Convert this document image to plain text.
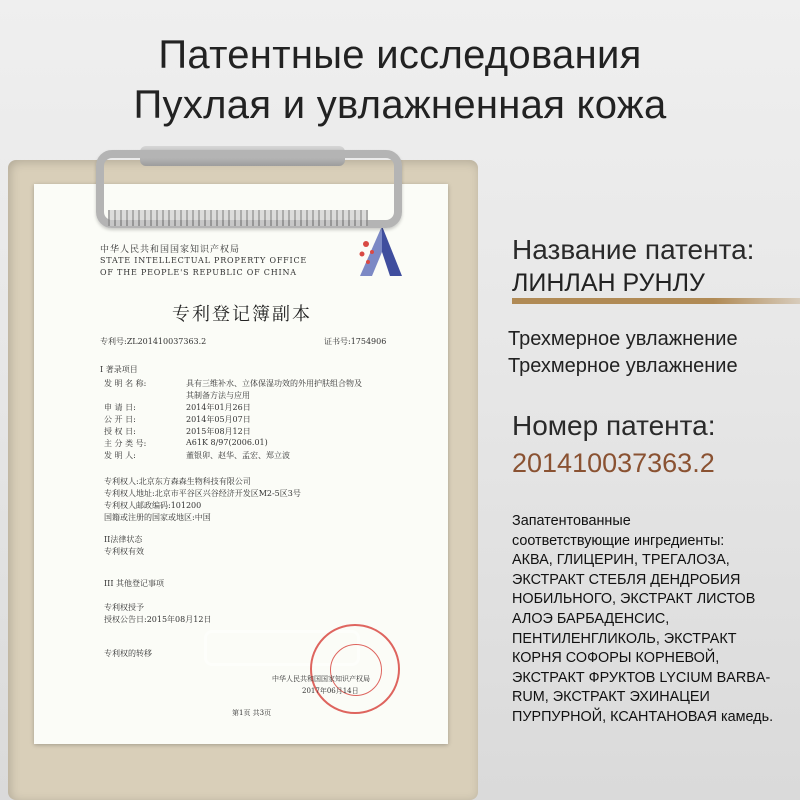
Патентные исследования
Пухлая и увлажненная кожа
中华人民共和国国家知识产权局
STATE INTELLECTUAL PROPERTY OFFICE
OF THE PEOPLE'S REPUBLIC OF CHINA
专利登记簿副本
专利号:ZL201410037363.2	证书号:1754906
I 著录项目
发 明 名 称:	具有三维补水、立体保湿功效的外用护肤组合物及
其制备方法与应用
申 请 日:	2014年01月26日
公 开 日:	2014年05月07日
授 权 日:	2015年08月12日
主 分 类 号:	A61K 8/97(2006.01)
发 明 人:	董银卯、赵华、孟宏、郑立波
专利权人:北京东方森森生物科技有限公司
专利权人地址:北京市平谷区兴谷经济开发区M2-5区3号
专利权人邮政编码:101200
国籍或注册的国家或地区:中国
II法律状态
专利权有效
III 其他登记事项
专利权授予
授权公告日:2015年08月12日
专利权的转移
中华人民共和国国家知识产权局
2017年06月14日
第1页 共3页
Название патента:
ЛИНЛАН РУНЛУ
Трехмерное увлажнение
Трехмерное увлажнение
Номер патента:
201410037363.2
Запатентованные
соответствующие ингредиенты:
АКВА, ГЛИЦЕРИН, ТРЕГАЛОЗА,
ЭКСТРАКТ СТЕБЛЯ ДЕНДРОБИЯ
НОБИЛЬНОГО, ЭКСТРАКТ ЛИСТОВ
АЛОЭ БАРБАДЕНСИС,
ПЕНТИЛЕНГЛИКОЛЬ, ЭКСТРАКТ
КОРНЯ СОФОРЫ КОРНЕВОЙ,
ЭКСТРАКТ ФРУКТОВ LYCIUM BARBA-
RUM, ЭКСТРАКТ ЭХИНАЦЕИ
ПУРПУРНОЙ, КСАНТАНОВАЯ камедь.
